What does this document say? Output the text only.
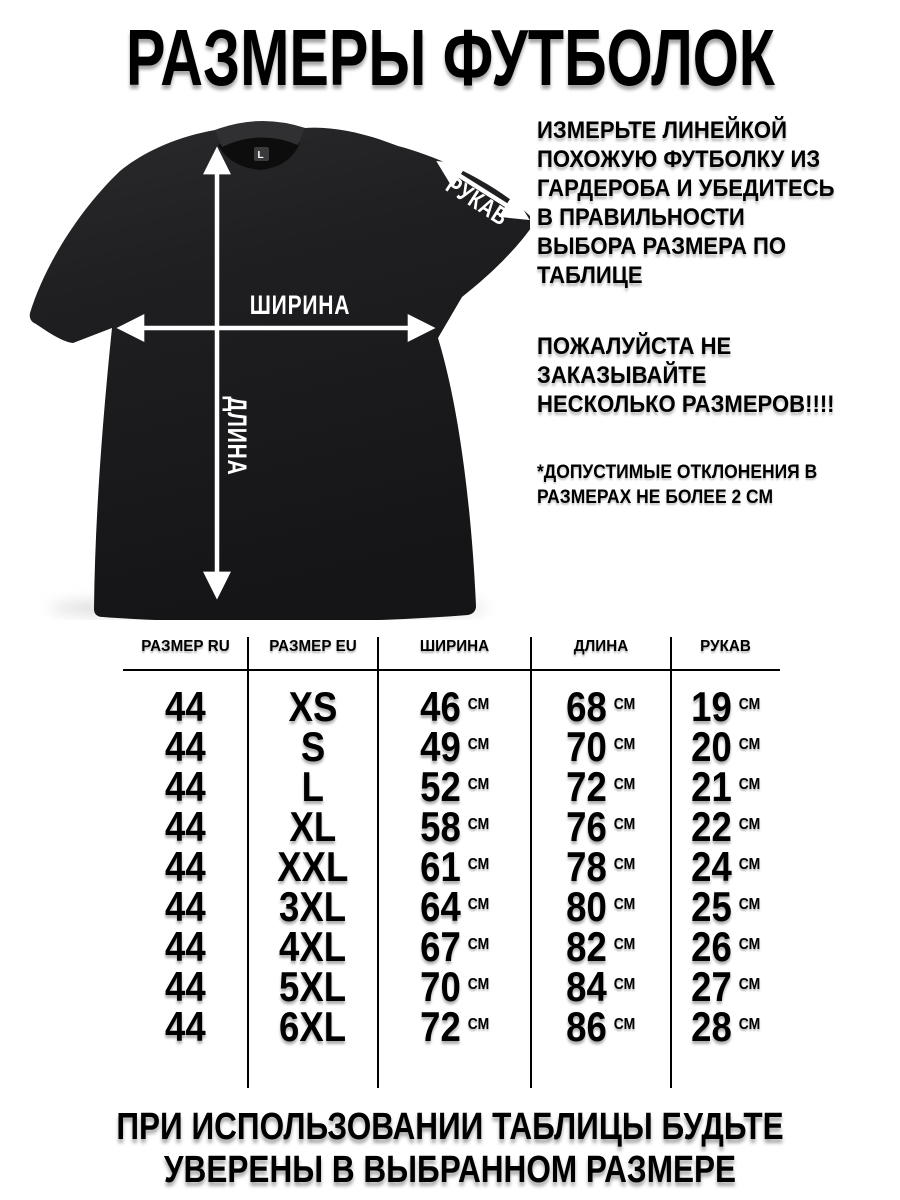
РАЗМЕРЫ ФУТБОЛОК
L
ШИРИНА
ДЛИНА
РУКАВ
ИЗМЕРЬТЕ ЛИНЕЙКОЙ
ПОХОЖУЮ ФУТБОЛКУ ИЗ
ГАРДЕРОБА И УБЕДИТЕСЬ
В ПРАВИЛЬНОСТИ
ВЫБОРА РАЗМЕРА ПО
ТАБЛИЦЕ
ПОЖАЛУЙСТА НЕ
ЗАКАЗЫВАЙТЕ
НЕСКОЛЬКО РАЗМЕРОВ!!!!
*ДОПУСТИМЫЕ ОТКЛОНЕНИЯ В
РАЗМЕРАХ НЕ БОЛЕЕ 2 СМ
РАЗМЕР RU	РАЗМЕР EU	ШИРИНА	ДЛИНА	РУКАВ
44 XS 46 СМ 68 СМ 19 СМ
44 S 49 СМ 70 СМ 20 СМ
44 L 52 СМ 72 СМ 21 СМ
44 XL 58 СМ 76 СМ 22 СМ
44 XXL 61 СМ 78 СМ 24 СМ
44 3XL 64 СМ 80 СМ 25 СМ
44 4XL 67 СМ 82 СМ 26 СМ
44 5XL 70 СМ 84 СМ 27 СМ
44 6XL 72 СМ 86 СМ 28 СМ
ПРИ ИСПОЛЬЗОВАНИИ ТАБЛИЦЫ БУДЬТЕ
УВЕРЕНЫ В ВЫБРАННОМ РАЗМЕРЕ
